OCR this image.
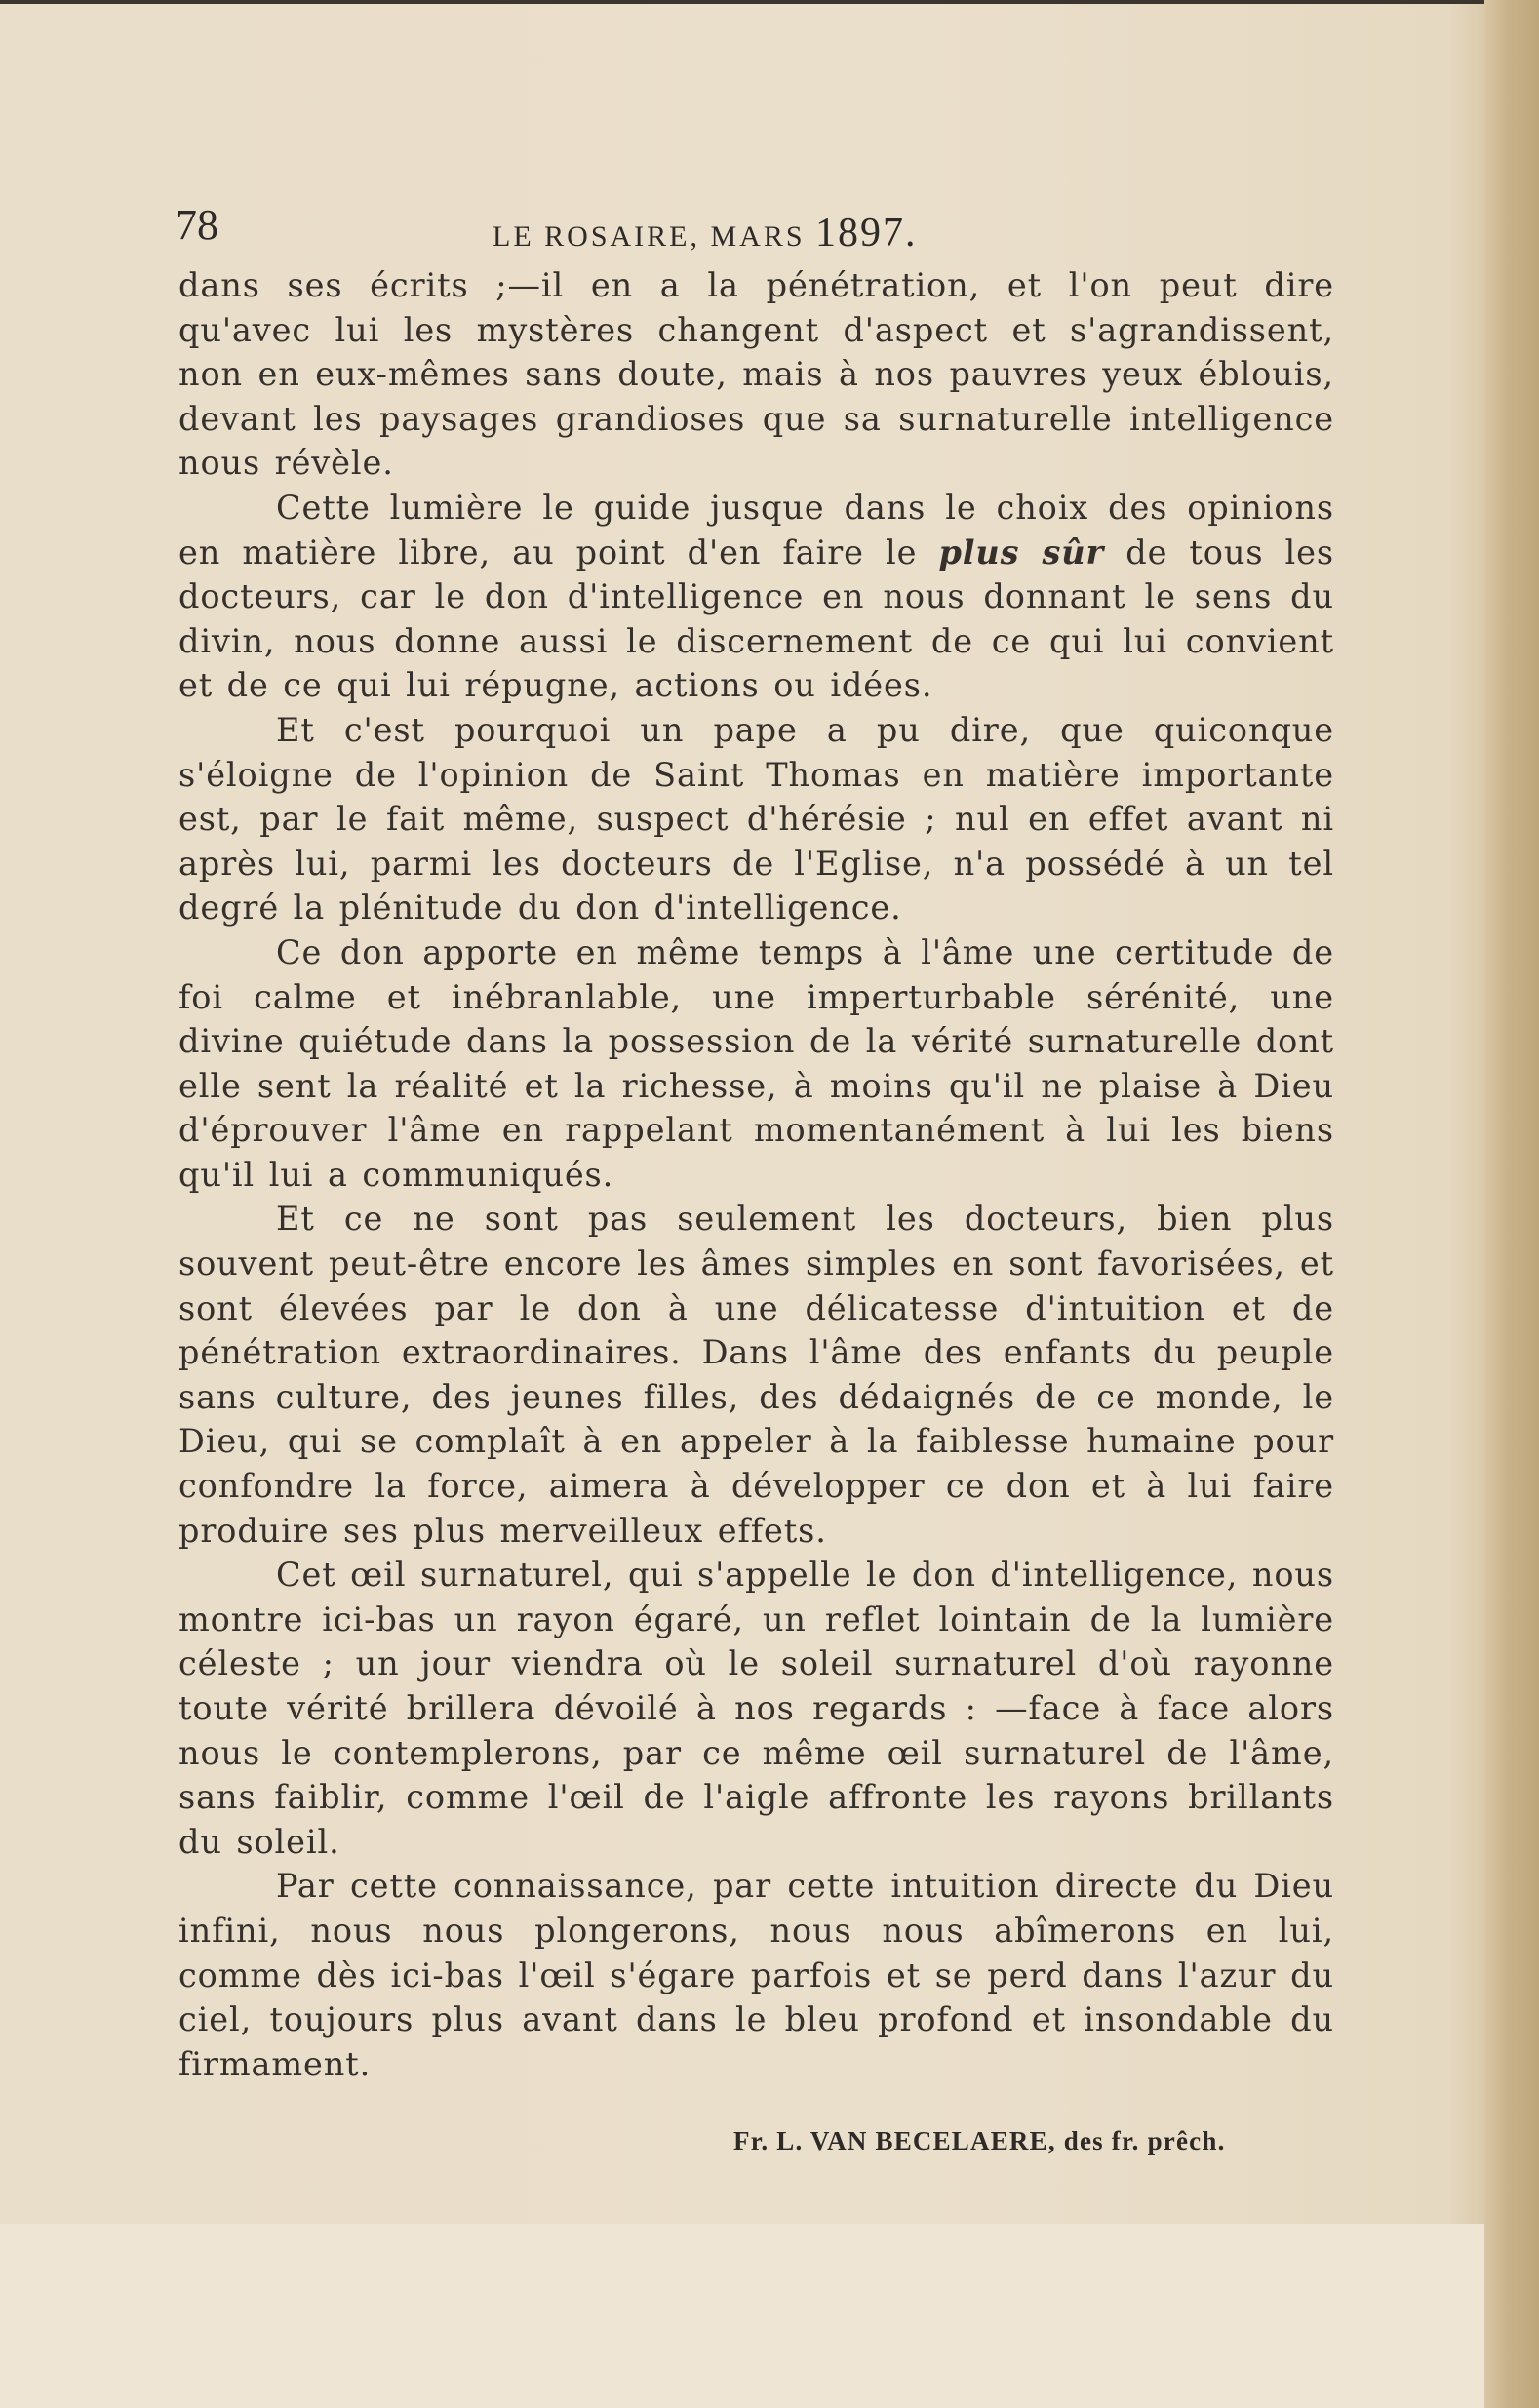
78	LE ROSAIRE, MARS 1897.

dans ses écrits ;—il en a la pénétration, et l'on peut dire qu'avec lui les mystères changent d'aspect et s'agrandissent, non en eux-mêmes sans doute, mais à nos pauvres yeux éblouis, devant les paysages grandioses que sa surnaturelle intelligence nous révèle.

Cette lumière le guide jusque dans le choix des opinions en matière libre, au point d'en faire le plus sûr de tous les docteurs, car le don d'intelligence en nous donnant le sens du divin, nous donne aussi le discernement de ce qui lui convient et de ce qui lui répugne, actions ou idées.

Et c'est pourquoi un pape a pu dire, que quiconque s'éloigne de l'opinion de Saint Thomas en matière importante est, par le fait même, suspect d'hérésie ; nul en effet avant ni après lui, parmi les docteurs de l'Eglise, n'a possédé à un tel degré la plénitude du don d'intelligence.

Ce don apporte en même temps à l'âme une certitude de foi calme et inébranlable, une imperturbable sérénité, une divine quiétude dans la possession de la vérité surnaturelle dont elle sent la réalité et la richesse, à moins qu'il ne plaise à Dieu d'éprouver l'âme en rappelant momentanément à lui les biens qu'il lui a communiqués.

Et ce ne sont pas seulement les docteurs, bien plus souvent peut-être encore les âmes simples en sont favorisées, et sont élevées par le don à une délicatesse d'intuition et de pénétration extraordinaires. Dans l'âme des enfants du peuple sans culture, des jeunes filles, des dédaignés de ce monde, le Dieu, qui se complaît à en appeler à la faiblesse humaine pour confondre la force, aimera à développer ce don et à lui faire produire ses plus merveilleux effets.

Cet œil surnaturel, qui s'appelle le don d'intelligence, nous montre ici-bas un rayon égaré, un reflet lointain de la lumière céleste ; un jour viendra où le soleil surnaturel d'où rayonne toute vérité brillera dévoilé à nos regards : —face à face alors nous le contemplerons, par ce même œil surnaturel de l'âme, sans faiblir, comme l'œil de l'aigle affronte les rayons brillants du soleil.

Par cette connaissance, par cette intuition directe du Dieu infini, nous nous plongerons, nous nous abîmerons en lui, comme dès ici-bas l'œil s'égare parfois et se perd dans l'azur du ciel, toujours plus avant dans le bleu profond et insondable du firmament.

Fr. L. VAN BECELAERE, des fr. prêch.
